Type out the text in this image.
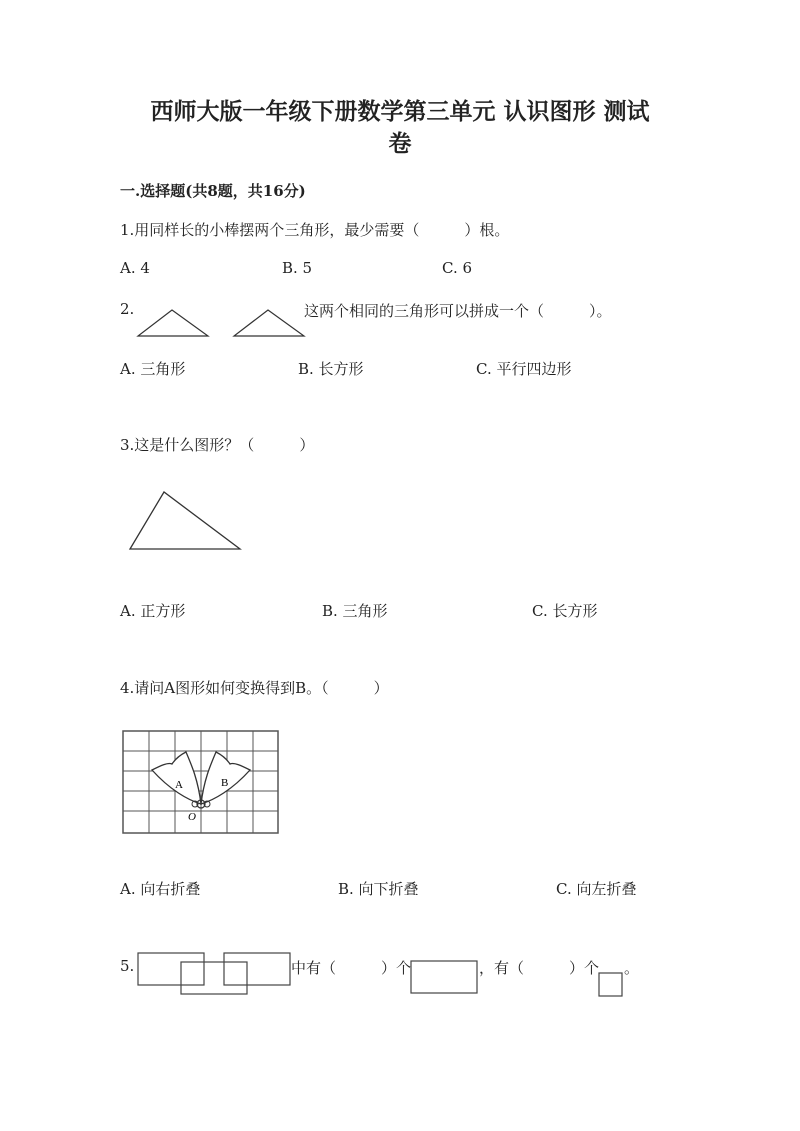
西师大版一年级下册数学第三单元 认识图形 测试
卷
一.选择题(共8题，共16分)
1.用同样长的小棒摆两个三角形，最少需要（　　　）根。
A. 4	B. 5	C. 6
2.	这两个相同的三角形可以拼成一个（　　　）。
A. 三角形	B. 长方形	C. 平行四边形
3.这是什么图形？（　　　）
A. 正方形	B. 三角形	C. 长方形
4.请问A图形如何变换得到B。（　　　）
A	B
O
A. 向右折叠	B. 向下折叠	C. 向左折叠
5.	中有（　　　）个	，有（　　　）个 。
